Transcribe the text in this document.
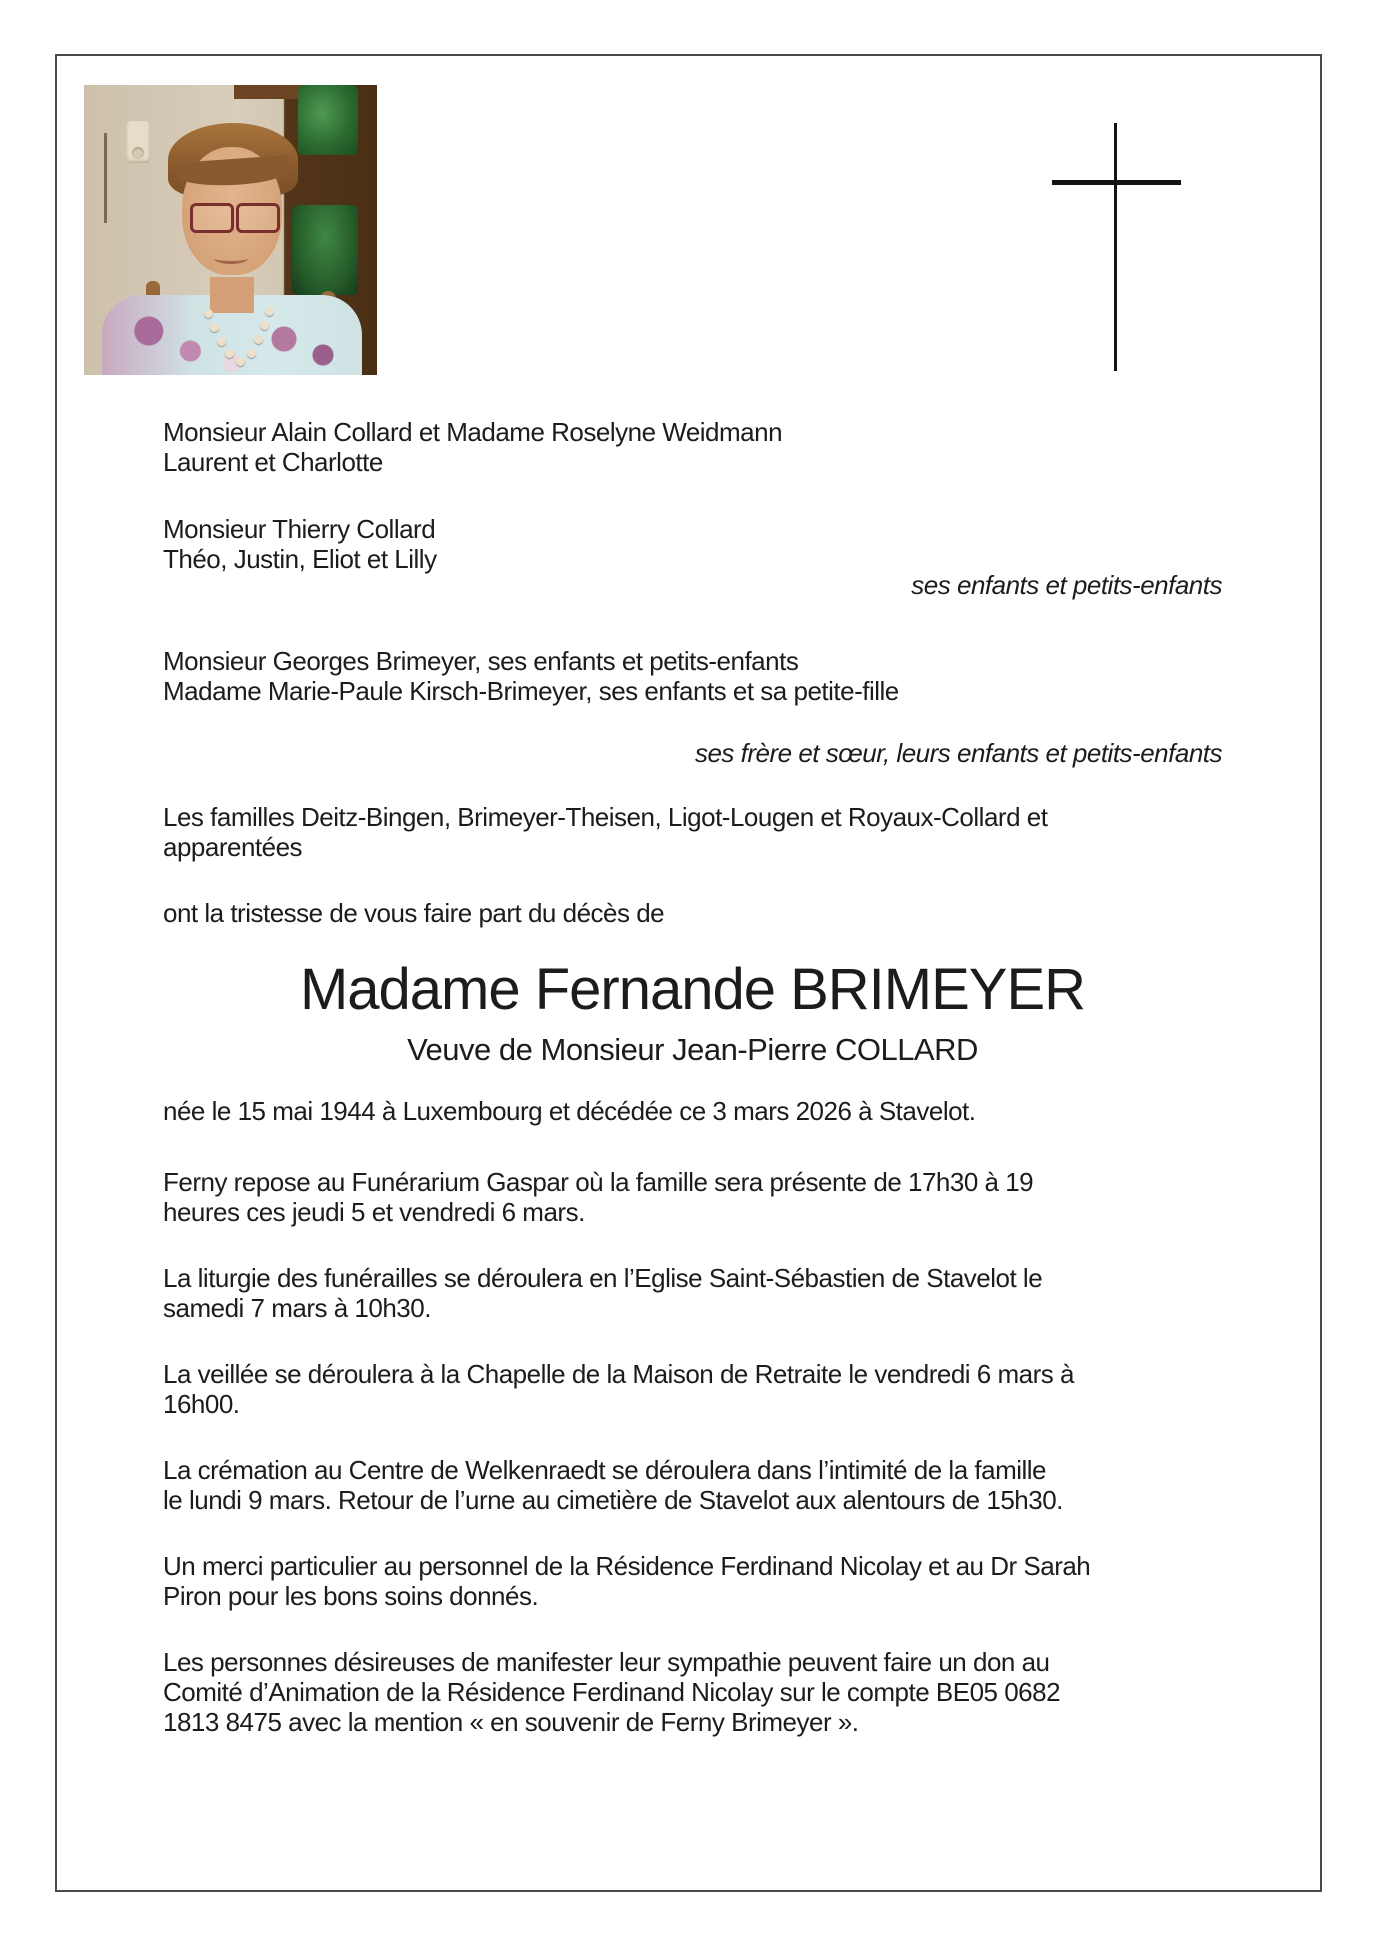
Monsieur Alain Collard et Madame Roselyne Weidmann
Laurent et Charlotte
Monsieur Thierry Collard
Théo, Justin, Eliot et Lilly
ses enfants et petits-enfants
Monsieur Georges Brimeyer, ses enfants et petits-enfants
Madame Marie-Paule Kirsch-Brimeyer, ses enfants et sa petite-fille
ses frère et sœur, leurs enfants et petits-enfants
Les familles Deitz-Bingen, Brimeyer-Theisen, Ligot-Lougen et Royaux-Collard et
apparentées
ont la tristesse de vous faire part du décès de
Madame Fernande BRIMEYER
Veuve de Monsieur Jean-Pierre COLLARD
née le 15 mai 1944 à Luxembourg et décédée ce 3 mars 2026 à Stavelot.
Ferny repose au Funérarium Gaspar où la famille sera présente de 17h30 à 19
heures ces jeudi 5 et vendredi 6 mars.
La liturgie des funérailles se déroulera en l’Eglise Saint-Sébastien de Stavelot le
samedi 7 mars à 10h30.
La veillée se déroulera à la Chapelle de la Maison de Retraite le vendredi 6 mars à
16h00.
La crémation au Centre de Welkenraedt se déroulera dans l’intimité de la famille
le lundi 9 mars. Retour de l’urne au cimetière de Stavelot aux alentours de 15h30.
Un merci particulier au personnel de la Résidence Ferdinand Nicolay et au Dr Sarah
Piron pour les bons soins donnés.
Les personnes désireuses de manifester leur sympathie peuvent faire un don au
Comité d’Animation de la Résidence Ferdinand Nicolay sur le compte BE05 0682
1813 8475 avec la mention « en souvenir de Ferny Brimeyer ».
